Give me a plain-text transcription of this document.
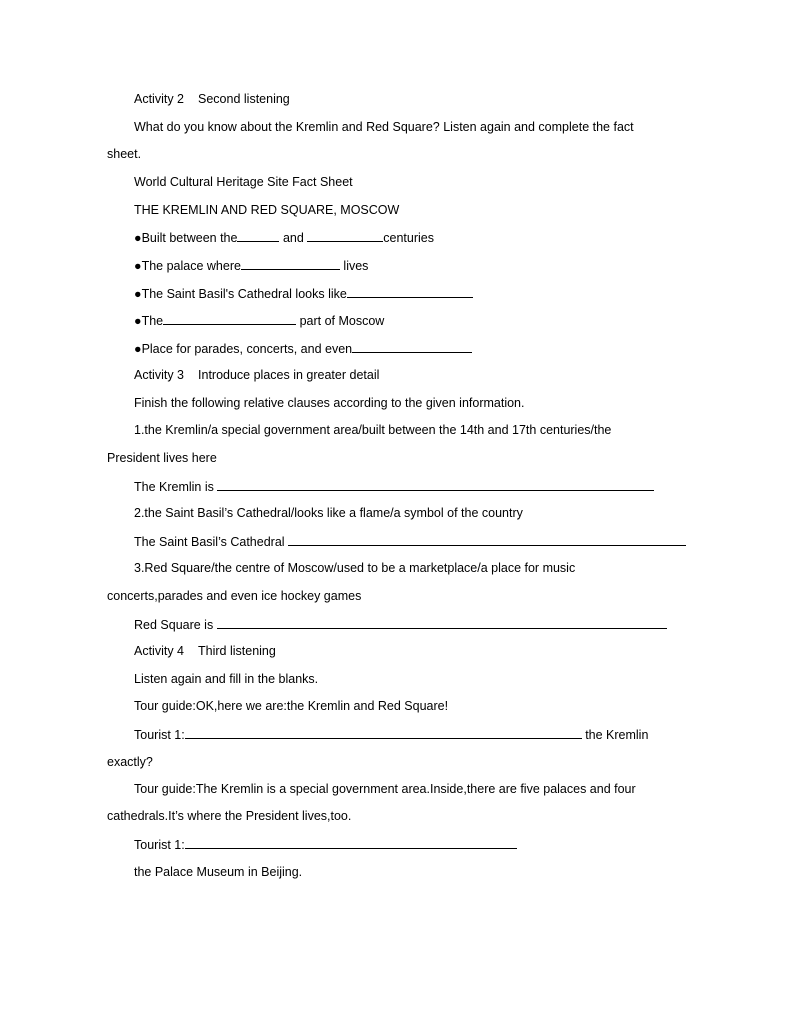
Activity 2 Second listening
What do you know about the Kremlin and Red Square? Listen again and complete the fact
sheet.
World Cultural Heritage Site Fact Sheet
THE KREMLIN AND RED SQUARE, MOSCOW
●Built between the	and	centuries
●The palace where	lives
●The Saint Basil's Cathedral looks like
●The	part of Moscow
●Place for parades, concerts, and even
Activity 3 Introduce places in greater detail
Finish the following relative clauses according to the given information.
1.the Kremlin/a special government area/built between the 14th and 17th centuries/the
President lives here
The Kremlin is
2.the Saint Basil’s Cathedral/looks like a flame/a symbol of the country
The Saint Basil’s Cathedral
3.Red Square/the centre of Moscow/used to be a marketplace/a place for music
concerts,parades and even ice hockey games
Red Square is
Activity 4 Third listening
Listen again and fill in the blanks.
Tour guide:OK,here we are:the Kremlin and Red Square!
Tourist 1:	the Kremlin
exactly?
Tour guide:The Kremlin is a special government area.Inside,there are five palaces and four
cathedrals.It’s where the President lives,too.
Tourist 1:
the Palace Museum in Beijing.
